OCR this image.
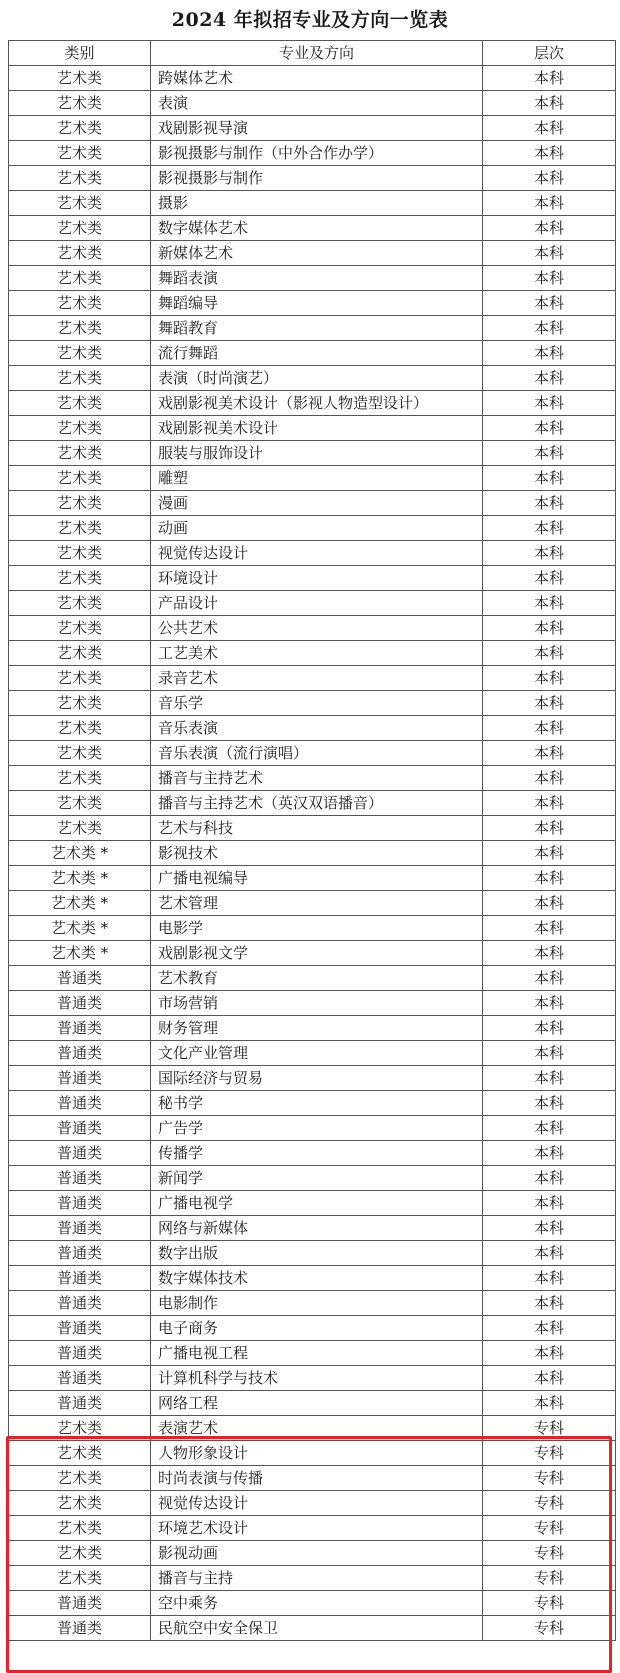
2024 年拟招专业及方向一览表
类别	专业及方向	层次
艺术类	跨媒体艺术	本科
艺术类	表演	本科
艺术类	戏剧影视导演	本科
艺术类	影视摄影与制作（中外合作办学）	本科
艺术类	影视摄影与制作	本科
艺术类	摄影	本科
艺术类	数字媒体艺术	本科
艺术类	新媒体艺术	本科
艺术类	舞蹈表演	本科
艺术类	舞蹈编导	本科
艺术类	舞蹈教育	本科
艺术类	流行舞蹈	本科
艺术类	表演（时尚演艺）	本科
艺术类	戏剧影视美术设计（影视人物造型设计）	本科
艺术类	戏剧影视美术设计	本科
艺术类	服装与服饰设计	本科
艺术类	雕塑	本科
艺术类	漫画	本科
艺术类	动画	本科
艺术类	视觉传达设计	本科
艺术类	环境设计	本科
艺术类	产品设计	本科
艺术类	公共艺术	本科
艺术类	工艺美术	本科
艺术类	录音艺术	本科
艺术类	音乐学	本科
艺术类	音乐表演	本科
艺术类	音乐表演（流行演唱）	本科
艺术类	播音与主持艺术	本科
艺术类	播音与主持艺术（英汉双语播音）	本科
艺术类	艺术与科技	本科
艺术类 *	影视技术	本科
艺术类 *	广播电视编导	本科
艺术类 *	艺术管理	本科
艺术类 *	电影学	本科
艺术类 *	戏剧影视文学	本科
普通类	艺术教育	本科
普通类	市场营销	本科
普通类	财务管理	本科
普通类	文化产业管理	本科
普通类	国际经济与贸易	本科
普通类	秘书学	本科
普通类	广告学	本科
普通类	传播学	本科
普通类	新闻学	本科
普通类	广播电视学	本科
普通类	网络与新媒体	本科
普通类	数字出版	本科
普通类	数字媒体技术	本科
普通类	电影制作	本科
普通类	电子商务	本科
普通类	广播电视工程	本科
普通类	计算机科学与技术	本科
普通类	网络工程	本科
艺术类	表演艺术	专科
艺术类	人物形象设计	专科
艺术类	时尚表演与传播	专科
艺术类	视觉传达设计	专科
艺术类	环境艺术设计	专科
艺术类	影视动画	专科
艺术类	播音与主持	专科
普通类	空中乘务	专科
普通类	民航空中安全保卫	专科
